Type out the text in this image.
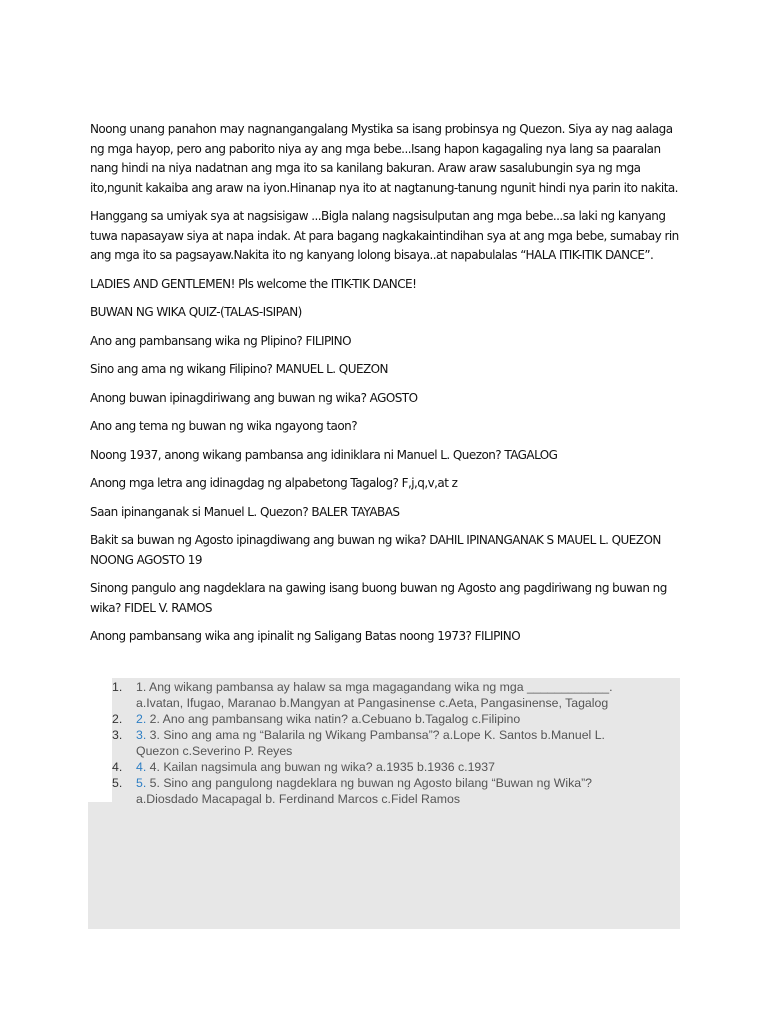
Noong unang panahon may nagnangangalang Mystika sa isang probinsya ng Quezon. Siya ay nag aalaga ng mga hayop, pero ang paborito niya ay ang mga bebe...Isang hapon kagagaling nya lang sa paaralan nang hindi na niya nadatnan ang mga ito sa kanilang bakuran. Araw araw sasalubungin sya ng mga ito,ngunit kakaiba ang araw na iyon.Hinanap nya ito at nagtanung-tanung ngunit hindi nya parin ito nakita.

Hanggang sa umiyak sya at nagsisigaw ...Bigla nalang nagsisulputan ang mga bebe...sa laki ng kanyang tuwa napasayaw siya at napa indak. At para bagang nagkakaintindihan sya at ang mga bebe, sumabay rin ang mga ito sa pagsayaw.Nakita ito ng kanyang lolong bisaya..at napabulalas “HALA ITIK-ITIK DANCE”.

LADIES AND GENTLEMEN! Pls welcome the ITIK-TIK DANCE!

BUWAN NG WIKA QUIZ-(TALAS-ISIPAN)

Ano ang pambansang wika ng Plipino? FILIPINO

Sino ang ama ng wikang Filipino? MANUEL L. QUEZON

Anong buwan ipinagdiriwang ang buwan ng wika? AGOSTO

Ano ang tema ng buwan ng wika ngayong taon?

Noong 1937, anong wikang pambansa ang idiniklara ni Manuel L. Quezon? TAGALOG

Anong mga letra ang idinagdag ng alpabetong Tagalog? F,j,q,v,at z

Saan ipinanganak si Manuel L. Quezon? BALER TAYABAS

Bakit sa buwan ng Agosto ipinagdiwang ang buwan ng wika? DAHIL IPINANGANAK S MAUEL L. QUEZON NOONG AGOSTO 19

Sinong pangulo ang nagdeklara na gawing isang buong buwan ng Agosto ang pagdiriwang ng buwan ng wika? FIDEL V. RAMOS

Anong pambansang wika ang ipinalit ng Saligang Batas noong 1973? FILIPINO

1. 1. Ang wikang pambansa ay halaw sa mga magagandang wika ng mga ____________. a.Ivatan, Ifugao, Maranao b.Mangyan at Pangasinense c.Aeta, Pangasinense, Tagalog
2. 2. 2. Ano ang pambansang wika natin? a.Cebuano b.Tagalog c.Filipino
3. 3. 3. Sino ang ama ng “Balarila ng Wikang Pambansa”? a.Lope K. Santos b.Manuel L. Quezon c.Severino P. Reyes
4. 4. 4. Kailan nagsimula ang buwan ng wika? a.1935 b.1936 c.1937
5. 5. 5. Sino ang pangulong nagdeklara ng buwan ng Agosto bilang “Buwan ng Wika”? a.Diosdado Macapagal b. Ferdinand Marcos c.Fidel Ramos
